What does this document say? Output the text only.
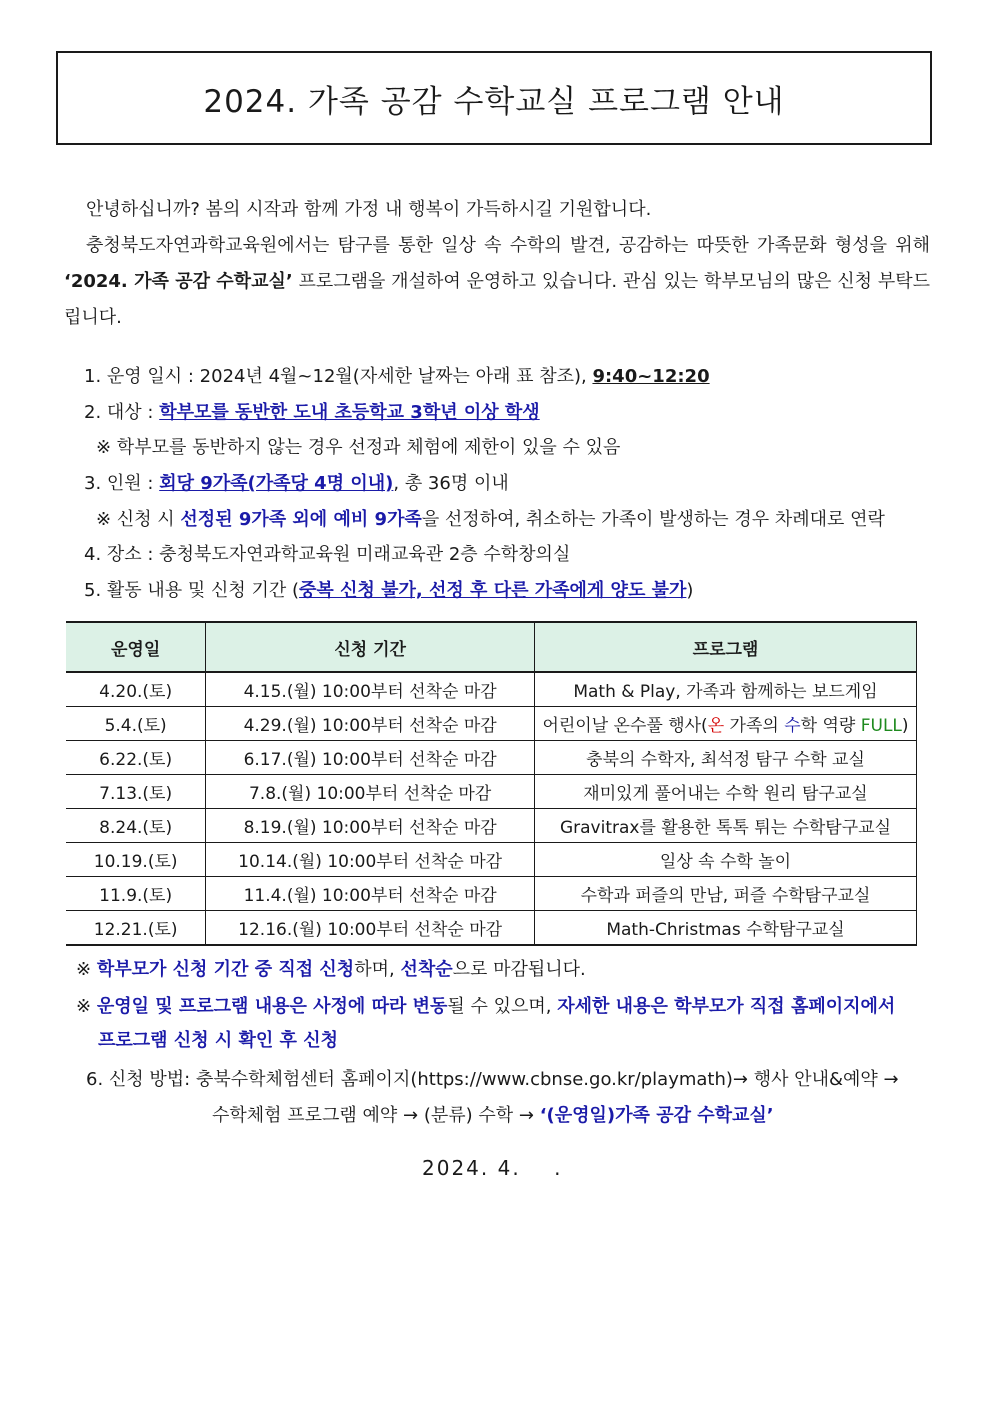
2024. 가족 공감 수학교실 프로그램 안내
안녕하십니까? 봄의 시작과 함께 가정 내 행복이 가득하시길 기원합니다.
충청북도자연과학교육원에서는 탐구를 통한 일상 속 수학의 발견, 공감하는 따뜻한 가족문화 형성을 위해 ‘2024. 가족 공감 수학교실’ 프로그램을 개설하여 운영하고 있습니다. 관심 있는 학부모님의 많은 신청 부탁드립니다.
1. 운영 일시 : 2024년 4월~12월(자세한 날짜는 아래 표 참조), 9:40~12:20
2. 대상 : 학부모를 동반한 도내 초등학교 3학년 이상 학생
※ 학부모를 동반하지 않는 경우 선정과 체험에 제한이 있을 수 있음
3. 인원 : 회당 9가족(가족당 4명 이내), 총 36명 이내
※ 신청 시 선정된 9가족 외에 예비 9가족을 선정하여, 취소하는 가족이 발생하는 경우 차례대로 연락
4. 장소 : 충청북도자연과학교육원 미래교육관 2층 수학창의실
5. 활동 내용 및 신청 기간 (중복 신청 불가, 선정 후 다른 가족에게 양도 불가)
운영일	신청 기간	프로그램
4.20.(토)	4.15.(월) 10:00부터 선착순 마감	Math & Play, 가족과 함께하는 보드게임
5.4.(토)	4.29.(월) 10:00부터 선착순 마감	어린이날 온수풀 행사(온 가족의 수학 역량 FULL)
6.22.(토)	6.17.(월) 10:00부터 선착순 마감	충북의 수학자, 최석정 탐구 수학 교실
7.13.(토)	7.8.(월) 10:00부터 선착순 마감	재미있게 풀어내는 수학 원리 탐구교실
8.24.(토)	8.19.(월) 10:00부터 선착순 마감	Gravitrax를 활용한 톡톡 튀는 수학탐구교실
10.19.(토)	10.14.(월) 10:00부터 선착순 마감	일상 속 수학 놀이
11.9.(토)	11.4.(월) 10:00부터 선착순 마감	수학과 퍼즐의 만남, 퍼즐 수학탐구교실
12.21.(토)	12.16.(월) 10:00부터 선착순 마감	Math-Christmas 수학탐구교실
※ 학부모가 신청 기간 중 직접 신청하며, 선착순으로 마감됩니다.
※ 운영일 및 프로그램 내용은 사정에 따라 변동될 수 있으며, 자세한 내용은 학부모가 직접 홈페이지에서
프로그램 신청 시 확인 후 신청
6. 신청 방법: 충북수학체험센터 홈페이지(https://www.cbnse.go.kr/playmath)→ 행사 안내&예약 →
수학체험 프로그램 예약 → (분류) 수학 → ‘(운영일)가족 공감 수학교실’
2024. 4.    .
